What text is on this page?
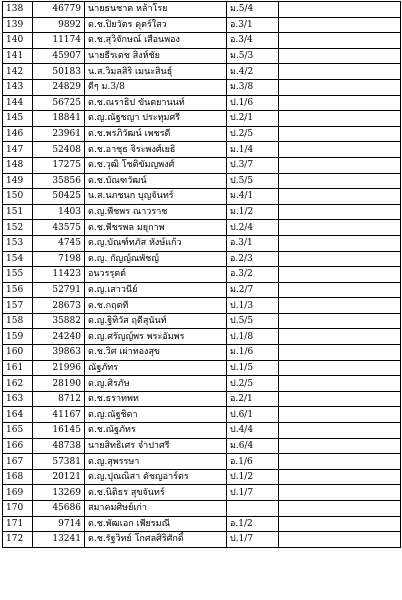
138	46779	นายธนชาต หล้าโรย	ม.5/4	
139	9892	ด.ช.ปิยวัตร ดุตร์ใสว	อ.3/1	
140	11174	ด.ช.สุวิจักษณ์ เสือนพอง	อ.3/4	
141	45907	นายธีรเดช สิงห์ชัย	ม.5/3	
142	50183	น.ส.วิมลสิริ เมนะสินธุ์	ม.4/2	
143	24829	ดีๆ ม.3/8	ม.3/8	
144	56725	ด.ช.ณราธิป ขันตยานนท์	ป.1/6	
145	18841	ด.ญ.ณัฐชญา ประทุมศรี	ป.2/1	
146	23961	ด.ช.พรภิวัฒน์ เพชรดี	ป.2/5	
147	52408	ด.ช.อาชุธ จิระพงศ์เยธิ	ม.1/4	
148	17275	ด.ช.วุฒิ โชติขัมญพงศ์	ป.3/7	
149	35856	ด.ช.บัณฑวัฒน์	ป.5/5	
150	50425	น.ส.นภชนก บุญจันทร์	ม.4/1	
151	1403	ด.ญ.พีชพร ณาวราช	ม.1/2	
152	43575	ด.ช.พีชรพล มยุกาพ	ป.2/4	
153	4745	ด.ญ.บัณฑ์ทภัส หังษ์แก้ว	อ.3/1	
154	7198	ด.ญ. กัญญ์ณพัชญ์	อ.2/3	
155	11423	อนวรรุตต์	อ.3/2	
156	52791	ด.ญ.เสาวนีย์	ม.2/7	
157	28673	ด.ช.กฤตที	ป.1/3	
158	35882	ด.ญ.ฐิทิวัส ฤดีสุนันท์	ป.5/5	
159	24240	ด.ญ.ศรัญญ์พร พระอัมพร	ป.1/8	
160	39863	ด.ช.วิศ เผ่าทองสุข	ม.1/6	
161	21996	ณัฐภัทร	ป.1/5	
162	28190	ด.ญ.ศิรภัษ	ป.2/5	
163	8712	ด.ช.ธราทพท	อ.2/1	
164	41167	ด.ญ.ณัฐชิดา	ป.6/1	
165	16145	ด.ช.ณัฐภัทร	ป.4/4	
166	48738	นายสิทธิเศร จำปาศรี	ม.6/4	
167	57381	ด.ญ.สุพรรษา	อ.1/6	
168	20121	ด.ญ.ปุณณิสา ดัชญอาร์ตร	ป.1/2	
169	13269	ด.ช.นิติธร สุขจันทร์	ป.1/7	
170	45686	สมาคมศิษย์เก่า		
171	9714	ด.ช.พัฒเอก เพียรมณี	อ.1/2	
172	13241	ด.ช.รัฐวิทย์ โกศลศิริศักดิ์	ป.1/7	
